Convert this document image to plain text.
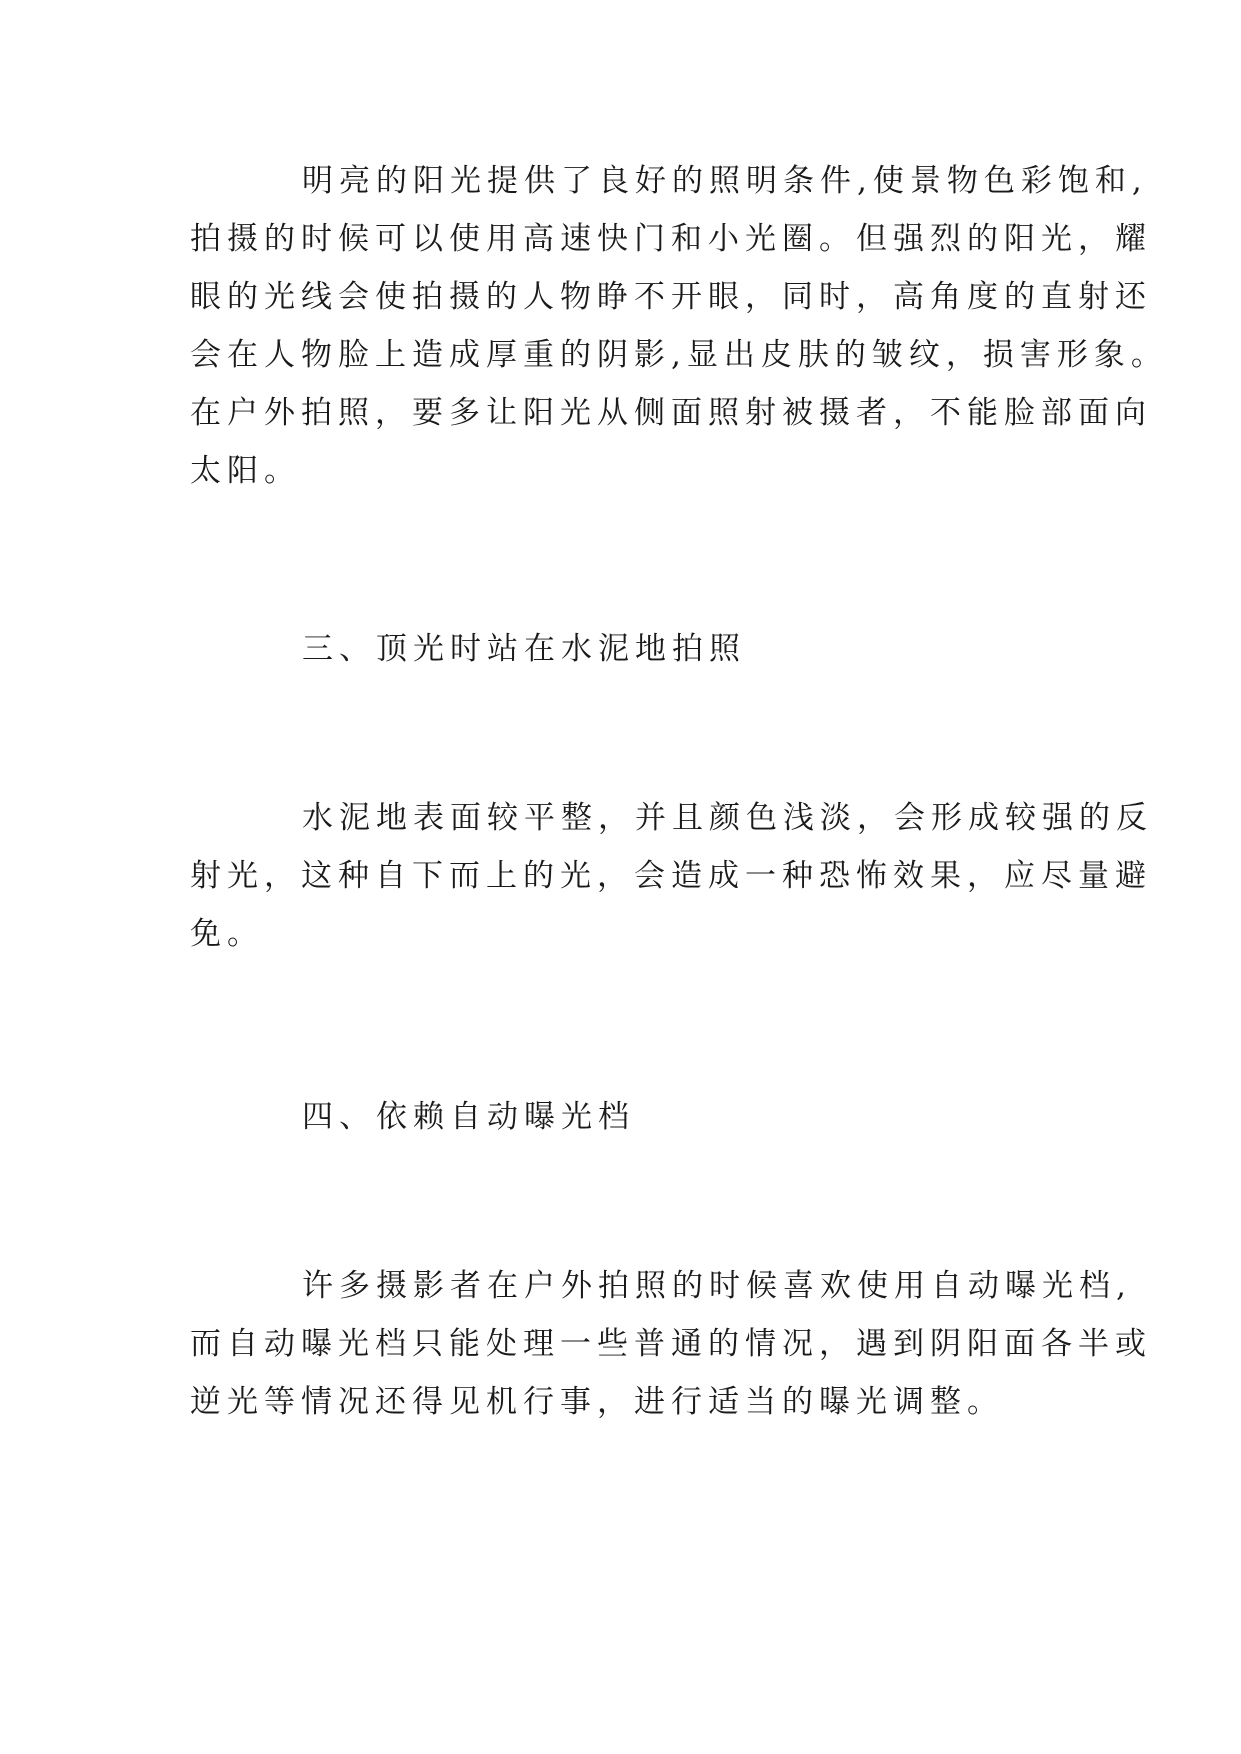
明亮的阳光提供了良好的照明条件,使景物色彩饱和,
拍摄的时候可以使用高速快门和小光圈。但强烈的阳光，耀
眼的光线会使拍摄的人物睁不开眼，同时，高角度的直射还
会在人物脸上造成厚重的阴影,显出皮肤的皱纹，损害形象。
在户外拍照，要多让阳光从侧面照射被摄者，不能脸部面向
太阳。
三、顶光时站在水泥地拍照
水泥地表面较平整，并且颜色浅淡，会形成较强的反
射光，这种自下而上的光，会造成一种恐怖效果，应尽量避
免。
四、依赖自动曝光档
许多摄影者在户外拍照的时候喜欢使用自动曝光档,
而自动曝光档只能处理一些普通的情况，遇到阴阳面各半或
逆光等情况还得见机行事，进行适当的曝光调整。
